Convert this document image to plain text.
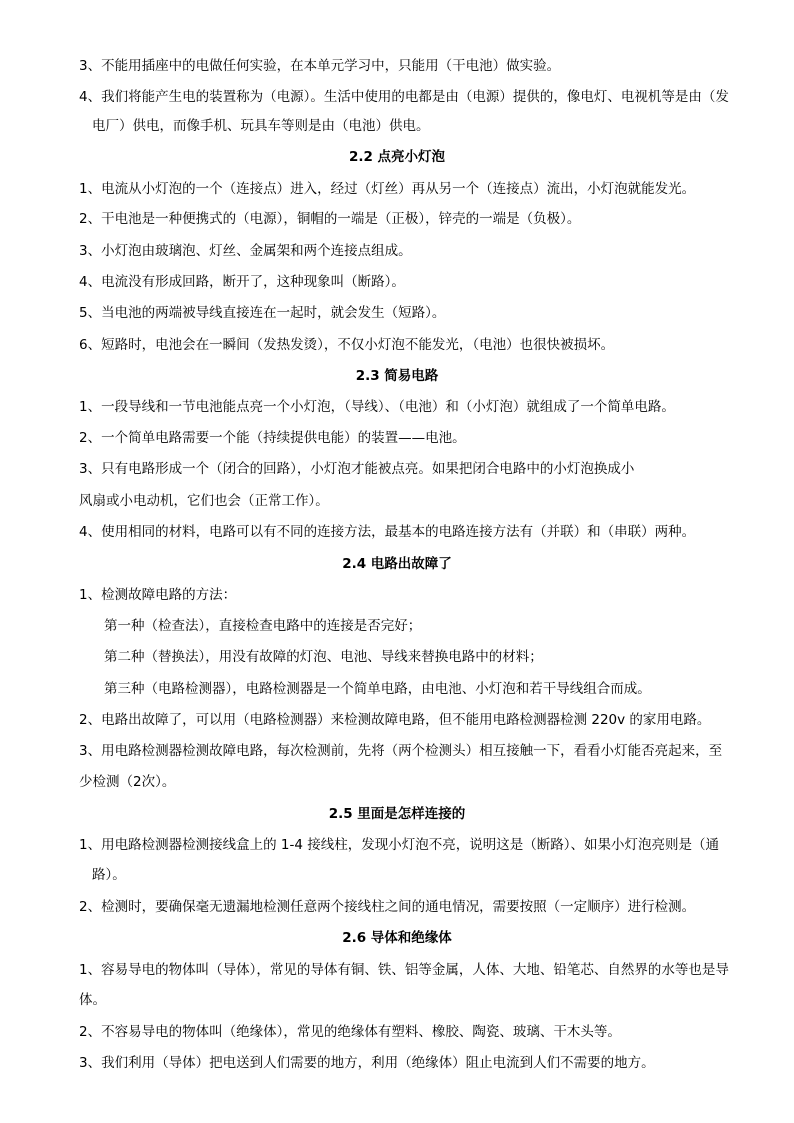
3、不能用插座中的电做任何实验，在本单元学习中，只能用（干电池）做实验。
4、我们将能产生电的装置称为（电源）。生活中使用的电都是由（电源）提供的，像电灯、电视机等是由（发
电厂）供电，而像手机、玩具车等则是由（电池）供电。
2.2 点亮小灯泡
1、电流从小灯泡的一个（连接点）进入，经过（灯丝）再从另一个（连接点）流出，小灯泡就能发光。
2、干电池是一种便携式的（电源），铜帽的一端是（正极），锌壳的一端是（负极）。
3、小灯泡由玻璃泡、灯丝、金属架和两个连接点组成。
4、电流没有形成回路，断开了，这种现象叫（断路）。
5、当电池的两端被导线直接连在一起时，就会发生（短路）。
6、短路时，电池会在一瞬间（发热发烫），不仅小灯泡不能发光，（电池）也很快被损坏。
2.3 简易电路
1、一段导线和一节电池能点亮一个小灯泡，（导线）、（电池）和（小灯泡）就组成了一个简单电路。
2、一个简单电路需要一个能（持续提供电能）的装置——电池。
3、只有电路形成一个（闭合的回路），小灯泡才能被点亮。如果把闭合电路中的小灯泡换成小
风扇或小电动机，它们也会（正常工作）。
4、使用相同的材料，电路可以有不同的连接方法，最基本的电路连接方法有（并联）和（串联）两种。
2.4 电路出故障了
1、检测故障电路的方法：
第一种（检查法），直接检查电路中的连接是否完好；
第二种（替换法），用没有故障的灯泡、电池、导线来替换电路中的材料；
第三种（电路检测器），电路检测器是一个简单电路，由电池、小灯泡和若干导线组合而成。
2、电路出故障了，可以用（电路检测器）来检测故障电路，但不能用电路检测器检测 220v 的家用电路。
3、用电路检测器检测故障电路，每次检测前，先将（两个检测头）相互接触一下，看看小灯能否亮起来，至
少检测（2次）。
2.5 里面是怎样连接的
1、用电路检测器检测接线盒上的 1-4 接线柱，发现小灯泡不亮，说明这是（断路）、如果小灯泡亮则是（通
路）。
2、检测时，要确保毫无遗漏地检测任意两个接线柱之间的通电情况，需要按照（一定顺序）进行检测。
2.6 导体和绝缘体
1、容易导电的物体叫（导体），常见的导体有铜、铁、铝等金属，人体、大地、铅笔芯、自然界的水等也是导
体。
2、不容易导电的物体叫（绝缘体），常见的绝缘体有塑料、橡胶、陶瓷、玻璃、干木头等。
3、我们利用（导体）把电送到人们需要的地方，利用（绝缘体）阻止电流到人们不需要的地方。
